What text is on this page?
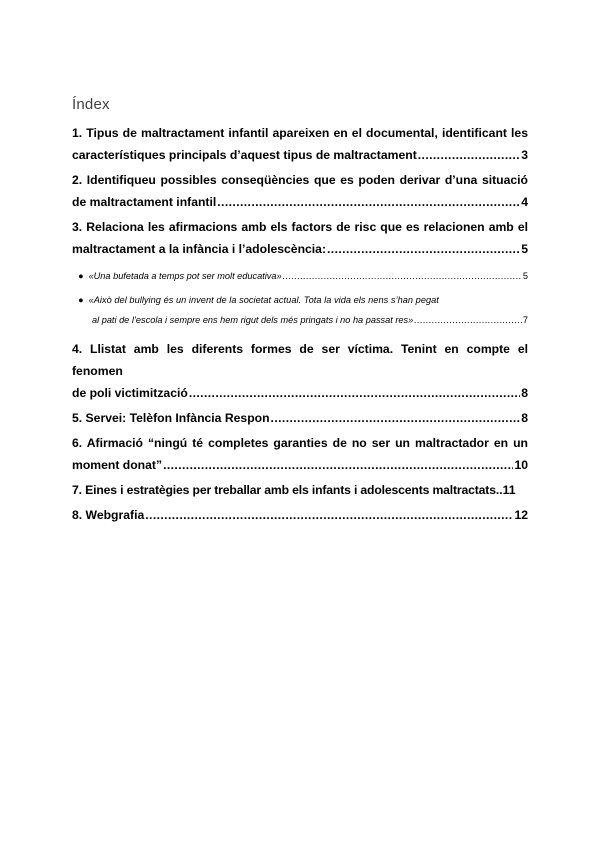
Índex
1. Tipus de maltractament infantil apareixen en el documental, identificant les
característiques principals d’aquest tipus de maltractament .....	3
2. Identifiqueu possibles conseqüències que es poden derivar d’una situació
de maltractament infantil .....	4
3. Relaciona les afirmacions amb els factors de risc que es relacionen amb el
maltractament a la infància i l’adolescència: .....	5
● «Una bufetada a temps pot ser molt educativa» .....	5
● «Això del bullying és un invent de la societat actual. Tota la vida els nens s’han pegat
al pati de l’escola i sempre ens hem rigut dels més pringats i no ha passat res» .....	7
4. Llistat amb les diferents formes de ser víctima. Tenint en compte el fenomen
de poli victimització .....	8
5. Servei: Telèfon Infància Respon .....	8
6. Afirmació “ningú té completes garanties de no ser un maltractador en un
moment donat” .....	10
7. Eines i estratègies per treballar amb els infants i adolescents maltractats .. 11
8. Webgrafia .....	12
